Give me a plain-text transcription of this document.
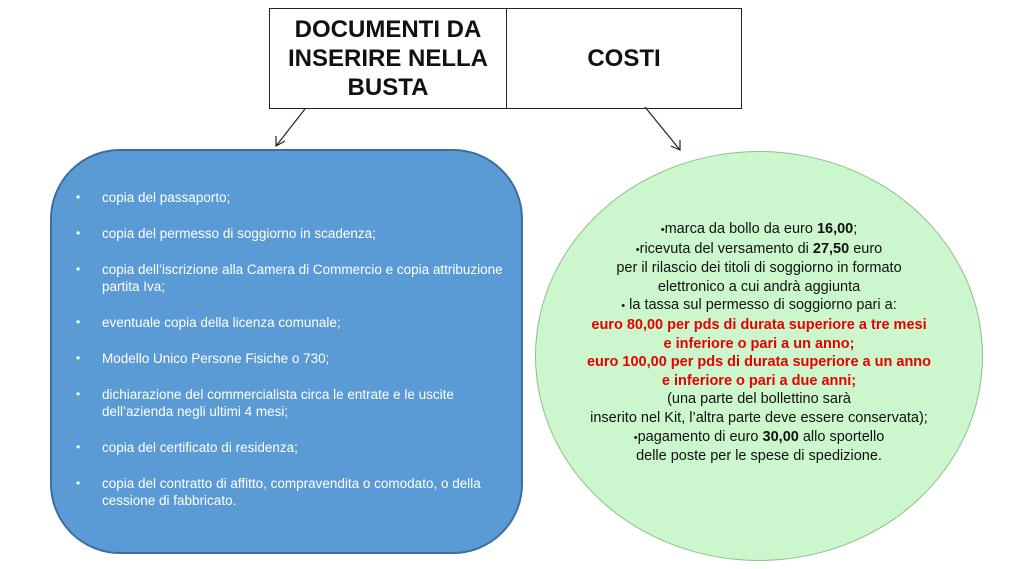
DOCUMENTI DA
INSERIRE NELLA
BUSTA
COSTI
• copia del passaporto;
• copia del permesso di soggiorno in scadenza;
• copia dell’iscrizione alla Camera di Commercio e copia attribuzione partita Iva;
• eventuale copia della licenza comunale;
• Modello Unico Persone Fisiche o 730;
• dichiarazione del commercialista circa le entrate e le uscite dell’azienda negli ultimi 4 mesi;
• copia del certificato di residenza;
• copia del contratto di affitto, compravendita o comodato, o della cessione di fabbricato.
•marca da bollo da euro 16,00;
•ricevuta del versamento di 27,50 euro
per il rilascio dei titoli di soggiorno in formato
elettronico a cui andrà aggiunta
• la tassa sul permesso di soggiorno pari a:
euro 80,00 per pds di durata superiore a tre mesi
e inferiore o pari a un anno;
euro 100,00 per pds di durata superiore a un anno
e inferiore o pari a due anni;
(una parte del bollettino sarà
inserito nel Kit, l’altra parte deve essere conservata);
•pagamento di euro 30,00 allo sportello
delle poste per le spese di spedizione.
